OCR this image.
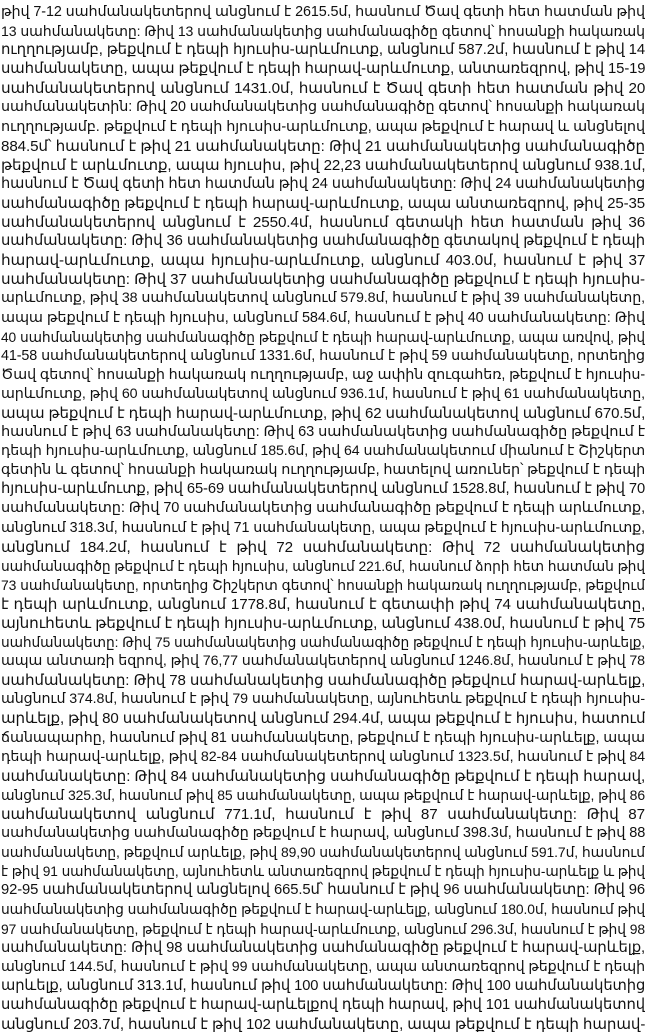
թիվ 7-12 սահմանակետերով անցնում է 2615.5մ, հասնում Ծավ գետի հետ հատման թիվ
13 սահմանակետը: Թիվ 13 սահմանակետից սահմանագիծը գետով՝ հոսանքի հակառակ
ուղղությամբ, թեքվում է դեպի հյուսիս-արևմուտք, անցնում 587.2մ, հասնում է թիվ 14
սահմանակետը, ապա թեքվում է դեպի հարավ-արևմուտք, անտառեզրով, թիվ 15-19
սահմանակետերով անցնում 1431.0մ, հասնում է Ծավ գետի հետ հատման թիվ 20
սահմանակետին: Թիվ 20 սահմանակետից սահմանագիծը գետով՝ հոսանքի հակառակ
ուղղությամբ. թեքվում է դեպի հյուսիս-արևմուտք, ապա թեքվում է հարավ և անցնելով
884.5մ՝ հասնում է թիվ 21 սահմանակետը: Թիվ 21 սահմանակետից սահմանագիծը
թեքվում է արևմուտք, ապա հյուսիս, թիվ 22,23 սահմանակետերով անցնում 938.1մ,
հասնում է Ծավ գետի հետ հատման թիվ 24 սահմանակետը: Թիվ 24 սահմանակետից
սահմանագիծը թեքվում է դեպի հարավ-արևմուտք, ապա անտառեզրով, թիվ 25-35
սահմանակետերով անցնում է 2550.4մ, հասնում գետակի հետ հատման թիվ 36
սահմանակետը: Թիվ 36 սահմանակետից սահմանագիծը գետակով թեքվում է դեպի
հարավ-արևմուտք, ապա հյուսիս-արևմուտք, անցնում 403.0մ, հասնում է թիվ 37
սահմանակետը: Թիվ 37 սահմանակետից սահմանագիծը թեքվում է դեպի հյուսիս-
արևմուտք, թիվ 38 սահմանակետով անցնում 579.8մ, հասնում է թիվ 39 սահմանակետը,
ապա թեքվում է դեպի հյուսիս, անցնում 584.6մ, հասնում է թիվ 40 սահմանակետը: Թիվ
40 սահմանակետից սահմանագիծը թեքվում է դեպի հարավ-արևմուտք, ապա առվով, թիվ
41-58 սահմանակետերով անցնում 1331.6մ, հասնում է թիվ 59 սահմանակետը, որտեղից
Ծավ գետով՝ հոսանքի հակառակ ուղղությամբ, աջ ափին զուգահեռ, թեքվում է հյուսիս-
արևմուտք, թիվ 60 սահմանակետով անցնում 936.1մ, հասնում է թիվ 61 սահմանակետը,
ապա թեքվում է դեպի հարավ-արևմուտք, թիվ 62 սահմանակետով անցնում 670.5մ,
հասնում է թիվ 63 սահմանակետը: Թիվ 63 սահմանակետից սահմանագիծը թեքվում է
դեպի հյուսիս-արևմուտք, անցնում 185.6մ, թիվ 64 սահմանակետում միանում է Շիշկերտ
գետին և գետով՝ հոսանքի հակառակ ուղղությամբ, հատելով առուներ՝ թեքվում է դեպի
հյուսիս-արևմուտք, թիվ 65-69 սահմանակետերով անցնում 1528.8մ, հասնում է թիվ 70
սահմանակետը: Թիվ 70 սահմանակետից սահմանագիծը թեքվում է դեպի արևմուտք,
անցնում 318.3մ, հասնում է թիվ 71 սահմանակետը, ապա թեքվում է հյուսիս-արևմուտք,
անցնում 184.2մ, հասնում է թիվ 72 սահմանակետը: Թիվ 72 սահմանակետից
սահմանագիծը թեքվում է դեպի հյուսիս, անցնում 221.6մ, հասնում ձորի հետ հատման թիվ
73 սահմանակետը, որտեղից Շիշկերտ գետով՝ հոսանքի հակառակ ուղղությամբ, թեքվում
է դեպի արևմուտք, անցնում 1778.8մ, հասնում է գետափի թիվ 74 սահմանակետը,
այնուհետև թեքվում է դեպի հյուսիս-արևմուտք, անցնում 438.0մ, հասնում է թիվ 75
սահմանակետը: Թիվ 75 սահմանակետից սահմանագիծը թեքվում է դեպի հյուսիս-արևելք,
ապա անտառի եզրով, թիվ 76,77 սահմանակետերով անցնում 1246.8մ, հասնում է թիվ 78
սահմանակետը: Թիվ 78 սահմանակետից սահմանագիծը թեքվում հարավ-արևելք,
անցնում 374.8մ, հասնում է թիվ 79 սահմանակետը, այնուհետև թեքվում է դեպի հյուսիս-
արևելք, թիվ 80 սահմանակետով անցնում 294.4մ, ապա թեքվում է հյուսիս, հատում
ճանապարհը, հասնում թիվ 81 սահմանակետը, թեքվում է դեպի հյուսիս-արևելք, ապա
դեպի հարավ-արևելք, թիվ 82-84 սահմանակետերով անցնում 1323.5մ, հասնում է թիվ 84
սահմանակետը: Թիվ 84 սահմանակետից սահմանագիծը թեքվում է դեպի հարավ,
անցնում 325.3մ, հասնում թիվ 85 սահմանակետը, ապա թեքվում է հարավ-արևելք, թիվ 86
սահմանակետով անցնում 771.1մ, հասնում է թիվ 87 սահմանակետը: Թիվ 87
սահմանակետից սահմանագիծը թեքվում է հարավ, անցնում 398.3մ, հասնում է թիվ 88
սահմանակետը, թեքվում արևելք, թիվ 89,90 սահմանակետերով անցնում 591.7մ, հասնում
է թիվ 91 սահմանակետը, այնուհետև անտառեզրով թեքվում է դեպի հյուսիս-արևելք և թիվ
92-95 սահմանակետերով անցնելով 665.5մ՝ հասնում է թիվ 96 սահմանակետը: Թիվ 96
սահմանակետից սահմանագիծը թեքվում է հարավ-արևելք, անցնում 180.0մ, հասնում թիվ
97 սահմանակետը, թեքվում է դեպի հարավ-արևմուտք, անցնում 296.3մ, հասնում է թիվ 98
սահմանակետը: Թիվ 98 սահմանակետից սահմանագիծը թեքվում է հարավ-արևելք,
անցնում 144.5մ, հասնում է թիվ 99 սահմանակետը, ապա անտառեզրով թեքվում է դեպի
արևելք, անցնում 313.1մ, հասնում թիվ 100 սահմանակետը: Թիվ 100 սահմանակետից
սահմանագիծը թեքվում է հարավ-արևելքով դեպի հարավ, թիվ 101 սահմանակետով
անցնում 203.7մ, հասնում է թիվ 102 սահմանակետը, ապա թեքվում է դեպի հարավ-
